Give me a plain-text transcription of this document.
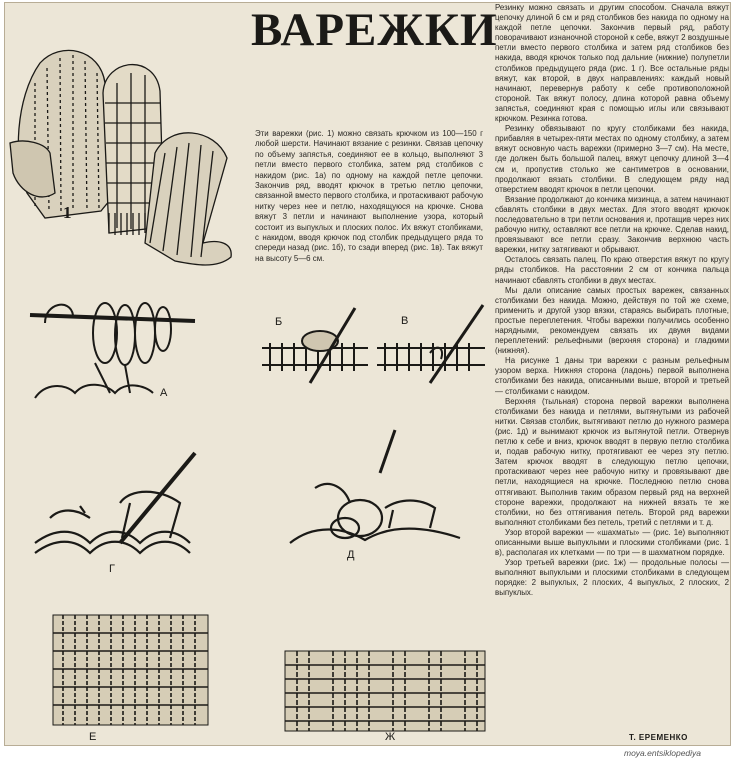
ВАРЕЖКИ
1

Эти варежки (рис. 1) можно связать крючком из 100—150 г любой шерсти. Начинают вязание с резинки. Связав цепочку по объему запястья, соединяют ее в кольцо, выполняют 3 петли вместо первого столбика, затем ряд столбиков с накидом (рис. 1а) по одному на каждой петле цепочки. Закончив ряд, вводят крючок в третью петлю цепочки, связанной вместо первого столбика, и протаскивают рабочую нитку через нее и петлю, находящуюся на крючке. Снова вяжут 3 петли и начинают выполнение узора, который состоит из выпуклых и плоских полос. Их вяжут столбиками, с накидом, вводя крючок под столбик предыдущего ряда то спереди назад (рис. 1б), то сзади вперед (рис. 1в). Так вяжут на высоту 5—6 см.

А
Б	В
Г
Д
Е	Ж

Резинку можно связать и другим способом. Сначала вяжут цепочку длиной 6 см и ряд столбиков без накида по одному на каждой петле цепочки. Закончив первый ряд, работу поворачивают изнаночной стороной к себе, вяжут 2 воздушные петли вместо первого столбика и затем ряд столбиков без накида, вводя крючок только под дальние (нижние) полупетли столбиков предыдущего ряда (рис. 1 г). Все остальные ряды вяжут, как второй, в двух направлениях: каждый новый начинают, перевернув работу к себе противоположной стороной. Так вяжут полосу, длина которой равна объему запястья, соединяют края с помощью иглы или связывают крючком. Резинка готова.

Резинку обвязывают по кругу столбиками без накида, прибавляя в четырех-пяти местах по одному столбику, а затем вяжут основную часть варежки (примерно 3—7 см). На месте, где должен быть большой палец, вяжут цепочку длиной 3—4 см и, пропустив столько же сантиметров в основании, продолжают вязать столбики. В следующем ряду над отверстием вводят крючок в петли цепочки.

Вязание продолжают до кончика мизинца, а затем начинают сбавлять столбики в двух местах. Для этого вводят крючок последовательно в три петли основания и, протащив через них рабочую нитку, оставляют все петли на крючке. Сделав накид, провязывают все петли сразу. Закончив верхнюю часть варежки, нитку затягивают и обрывают.

Осталось связать палец. По краю отверстия вяжут по кругу ряды столбиков. На расстоянии 2 см от кончика пальца начинают сбавлять столбики в двух местах.

Мы дали описание самых простых варежек, связанных столбиками без накида. Можно, действуя по той же схеме, применить и другой узор вязки, стараясь выбирать плотные, простые переплетения. Чтобы варежки получились особенно нарядными, рекомендуем связать их двумя видами переплетений: рельефными (верхняя сторона) и гладкими (нижняя).

На рисунке 1 даны три варежки с разным рельефным узором верха. Нижняя сторона (ладонь) первой выполнена столбиками без накида, описанными выше, второй и третьей — столбиками с накидом.

Верхняя (тыльная) сторона первой варежки выполнена столбиками без накида и петлями, вытянутыми из рабочей нитки. Связав столбик, вытягивают петлю до нужного размера (рис. 1д) и вынимают крючок из вытянутой петли. Отвернув петлю к себе и вниз, крючок вводят в первую петлю столбика и, подав рабочую нитку, протягивают ее через эту петлю. Затем крючок вводят в следующую петлю цепочки, протаскивают через нее рабочую нитку и провязывают две петли, находящиеся на крючке. Последнюю петлю снова оттягивают. Выполнив таким образом первый ряд на верхней стороне варежки, продолжают на нижней вязать те же столбики, но без оттягивания петель. Второй ряд варежки выполняют столбиками без петель, третий с петлями и т. д.

Узор второй варежки — «шахматы» — (рис. 1е) выполняют описанными выше выпуклыми и плоскими столбиками (рис. 1 в), располагая их клетками — по три — в шахматном порядке.

Узор третьей варежки (рис. 1ж) — продольные полосы — выполняют выпуклыми и плоскими столбиками в следующем порядке: 2 выпуклых, 2 плоских, 4 выпуклых, 2 плоских, 2 выпуклых.

Т. ЕРЕМЕНКО

moya.entsiklopediya
